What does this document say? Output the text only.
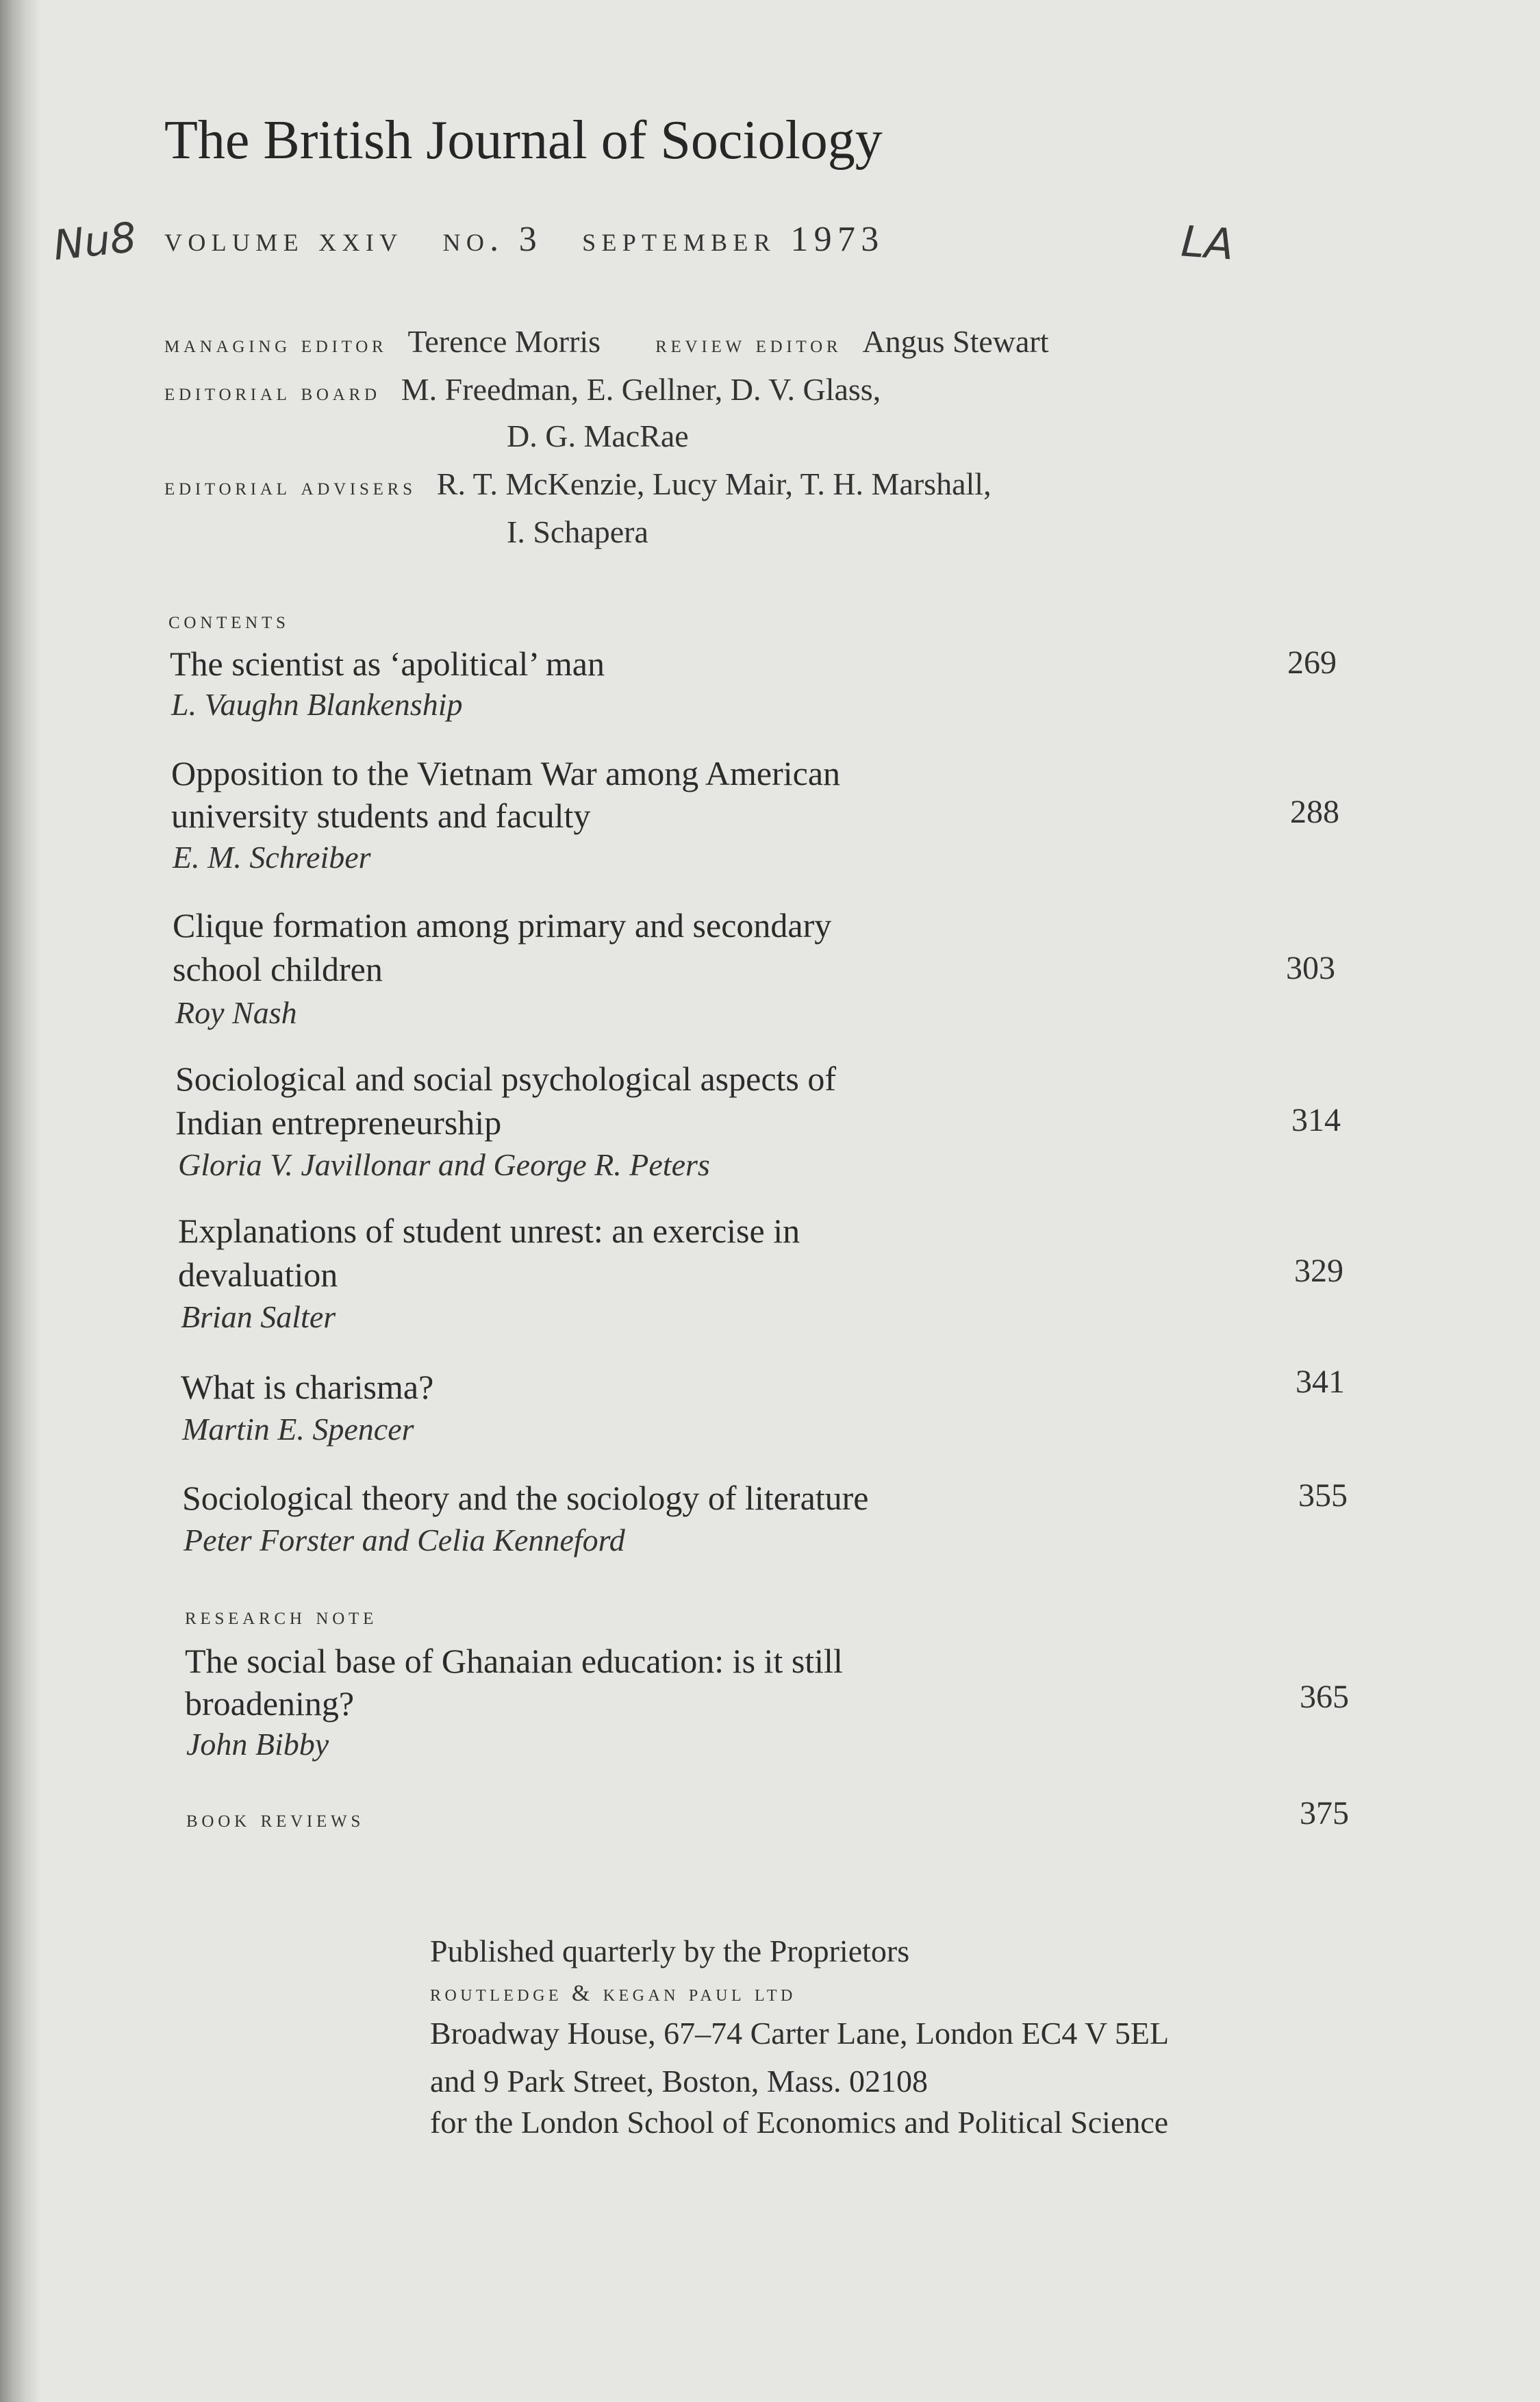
The British Journal of Sociology
Nu8 volume xxiv no. 3 september 1973	LA
managing editor Terence Morris review editor Angus Stewart
editorial board M. Freedman, E. Gellner, D. V. Glass,
D. G. MacRae
editorial advisers R. T. McKenzie, Lucy Mair, T. H. Marshall,
I. Schapera
contents
The scientist as ‘apolitical’ man
L. Vaughn Blankenship
269
Opposition to the Vietnam War among American
university students and faculty
E. M. Schreiber
288
Clique formation among primary and secondary
school children
Roy Nash
303
Sociological and social psychological aspects of
Indian entrepreneurship
Gloria V. Javillonar and George R. Peters
314
Explanations of student unrest: an exercise in
devaluation
Brian Salter
329
What is charisma?
Martin E. Spencer
341
Sociological theory and the sociology of literature
Peter Forster and Celia Kenneford
355
research note
The social base of Ghanaian education: is it still
broadening?
John Bibby
365
book reviews	375
Published quarterly by the Proprietors
routledge & kegan paul ltd
Broadway House, 67–74 Carter Lane, London EC4 V 5EL
and 9 Park Street, Boston, Mass. 02108
for the London School of Economics and Political Science
